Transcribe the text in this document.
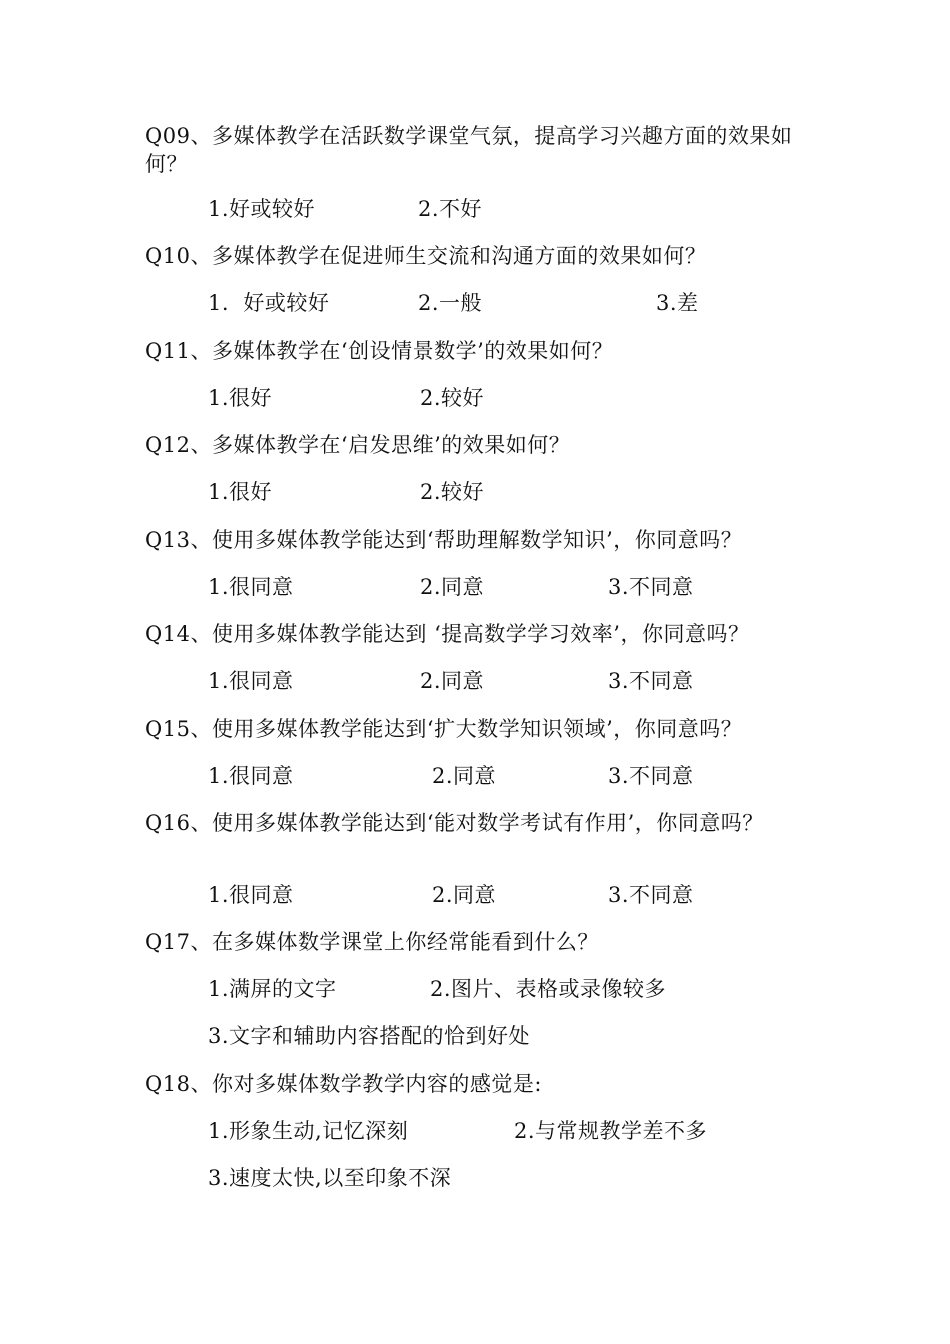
Q09、多媒体教学在活跃数学课堂气氛，提高学习兴趣方面的效果如何？
1.好或较好	2.不好
Q10、多媒体教学在促进师生交流和沟通方面的效果如何？
1.  好或较好	2.一般	3.差
Q11、多媒体教学在‘创设情景数学’的效果如何？
1.很好	2.较好
Q12、多媒体教学在‘启发思维’的效果如何？
1.很好	2.较好
Q13、使用多媒体教学能达到‘帮助理解数学知识’，你同意吗？
1.很同意	2.同意	3.不同意
Q14、使用多媒体教学能达到 ‘提高数学学习效率’，你同意吗？
1.很同意	2.同意	3.不同意
Q15、使用多媒体教学能达到‘扩大数学知识领域’，你同意吗？
1.很同意	2.同意	3.不同意
Q16、使用多媒体教学能达到‘能对数学考试有作用’，你同意吗？
1.很同意	2.同意	3.不同意
Q17、在多媒体数学课堂上你经常能看到什么？
1.满屏的文字	2.图片、表格或录像较多
3.文字和辅助内容搭配的恰到好处
Q18、你对多媒体数学教学内容的感觉是:
1.形象生动,记忆深刻	2.与常规教学差不多
3.速度太快,以至印象不深
